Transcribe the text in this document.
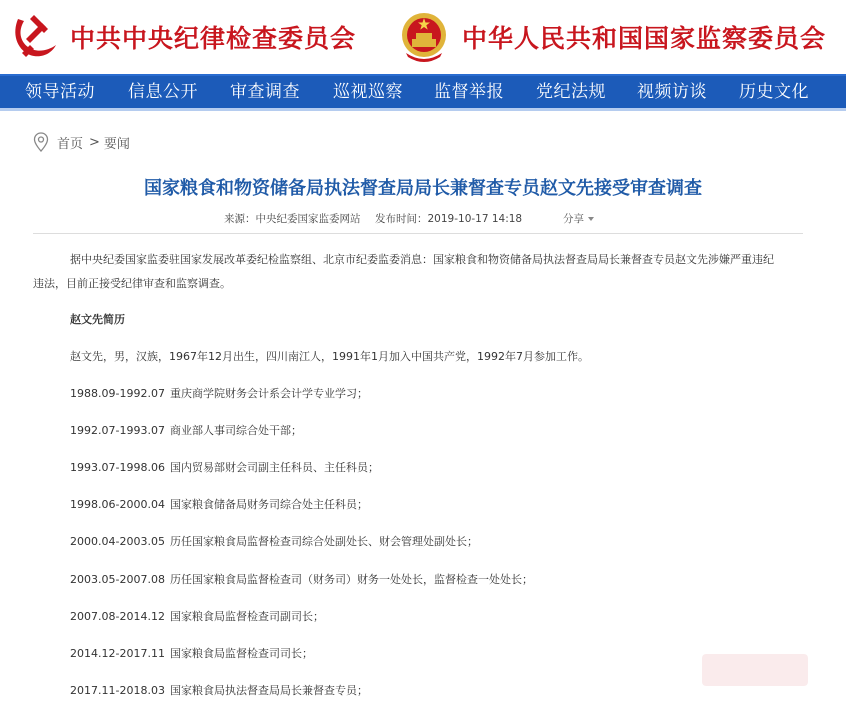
中共中央纪律检查委员会	中华人民共和国国家监察委员会
领导活动 信息公开 审查调查 巡视巡察 监督举报 党纪法规 视频访谈 历史文化
首页 > 要闻
国家粮食和物资储备局执法督查局局长兼督查专员赵文先接受审查调查
来源：中央纪委国家监委网站 发布时间：2019-10-17 14:18	分享
据中央纪委国家监委驻国家发展改革委纪检监察组、北京市纪委监委消息：国家粮食和物资储备局执法督查局局长兼督查专员赵文先涉嫌严重违纪
违法，目前正接受纪律审查和监察调查。
赵文先简历
赵文先，男，汉族，1967年12月出生，四川南江人，1991年1月加入中国共产党，1992年7月参加工作。
1988.09-1992.07 重庆商学院财务会计系会计学专业学习；
1992.07-1993.07 商业部人事司综合处干部；
1993.07-1998.06 国内贸易部财会司副主任科员、主任科员；
1998.06-2000.04 国家粮食储备局财务司综合处主任科员；
2000.04-2003.05 历任国家粮食局监督检查司综合处副处长、财会管理处副处长；
2003.05-2007.08 历任国家粮食局监督检查司（财务司）财务一处处长，监督检查一处处长；
2007.08-2014.12 国家粮食局监督检查司副司长；
2014.12-2017.11 国家粮食局监督检查司司长；
2017.11-2018.03 国家粮食局执法督查局局长兼督查专员；
